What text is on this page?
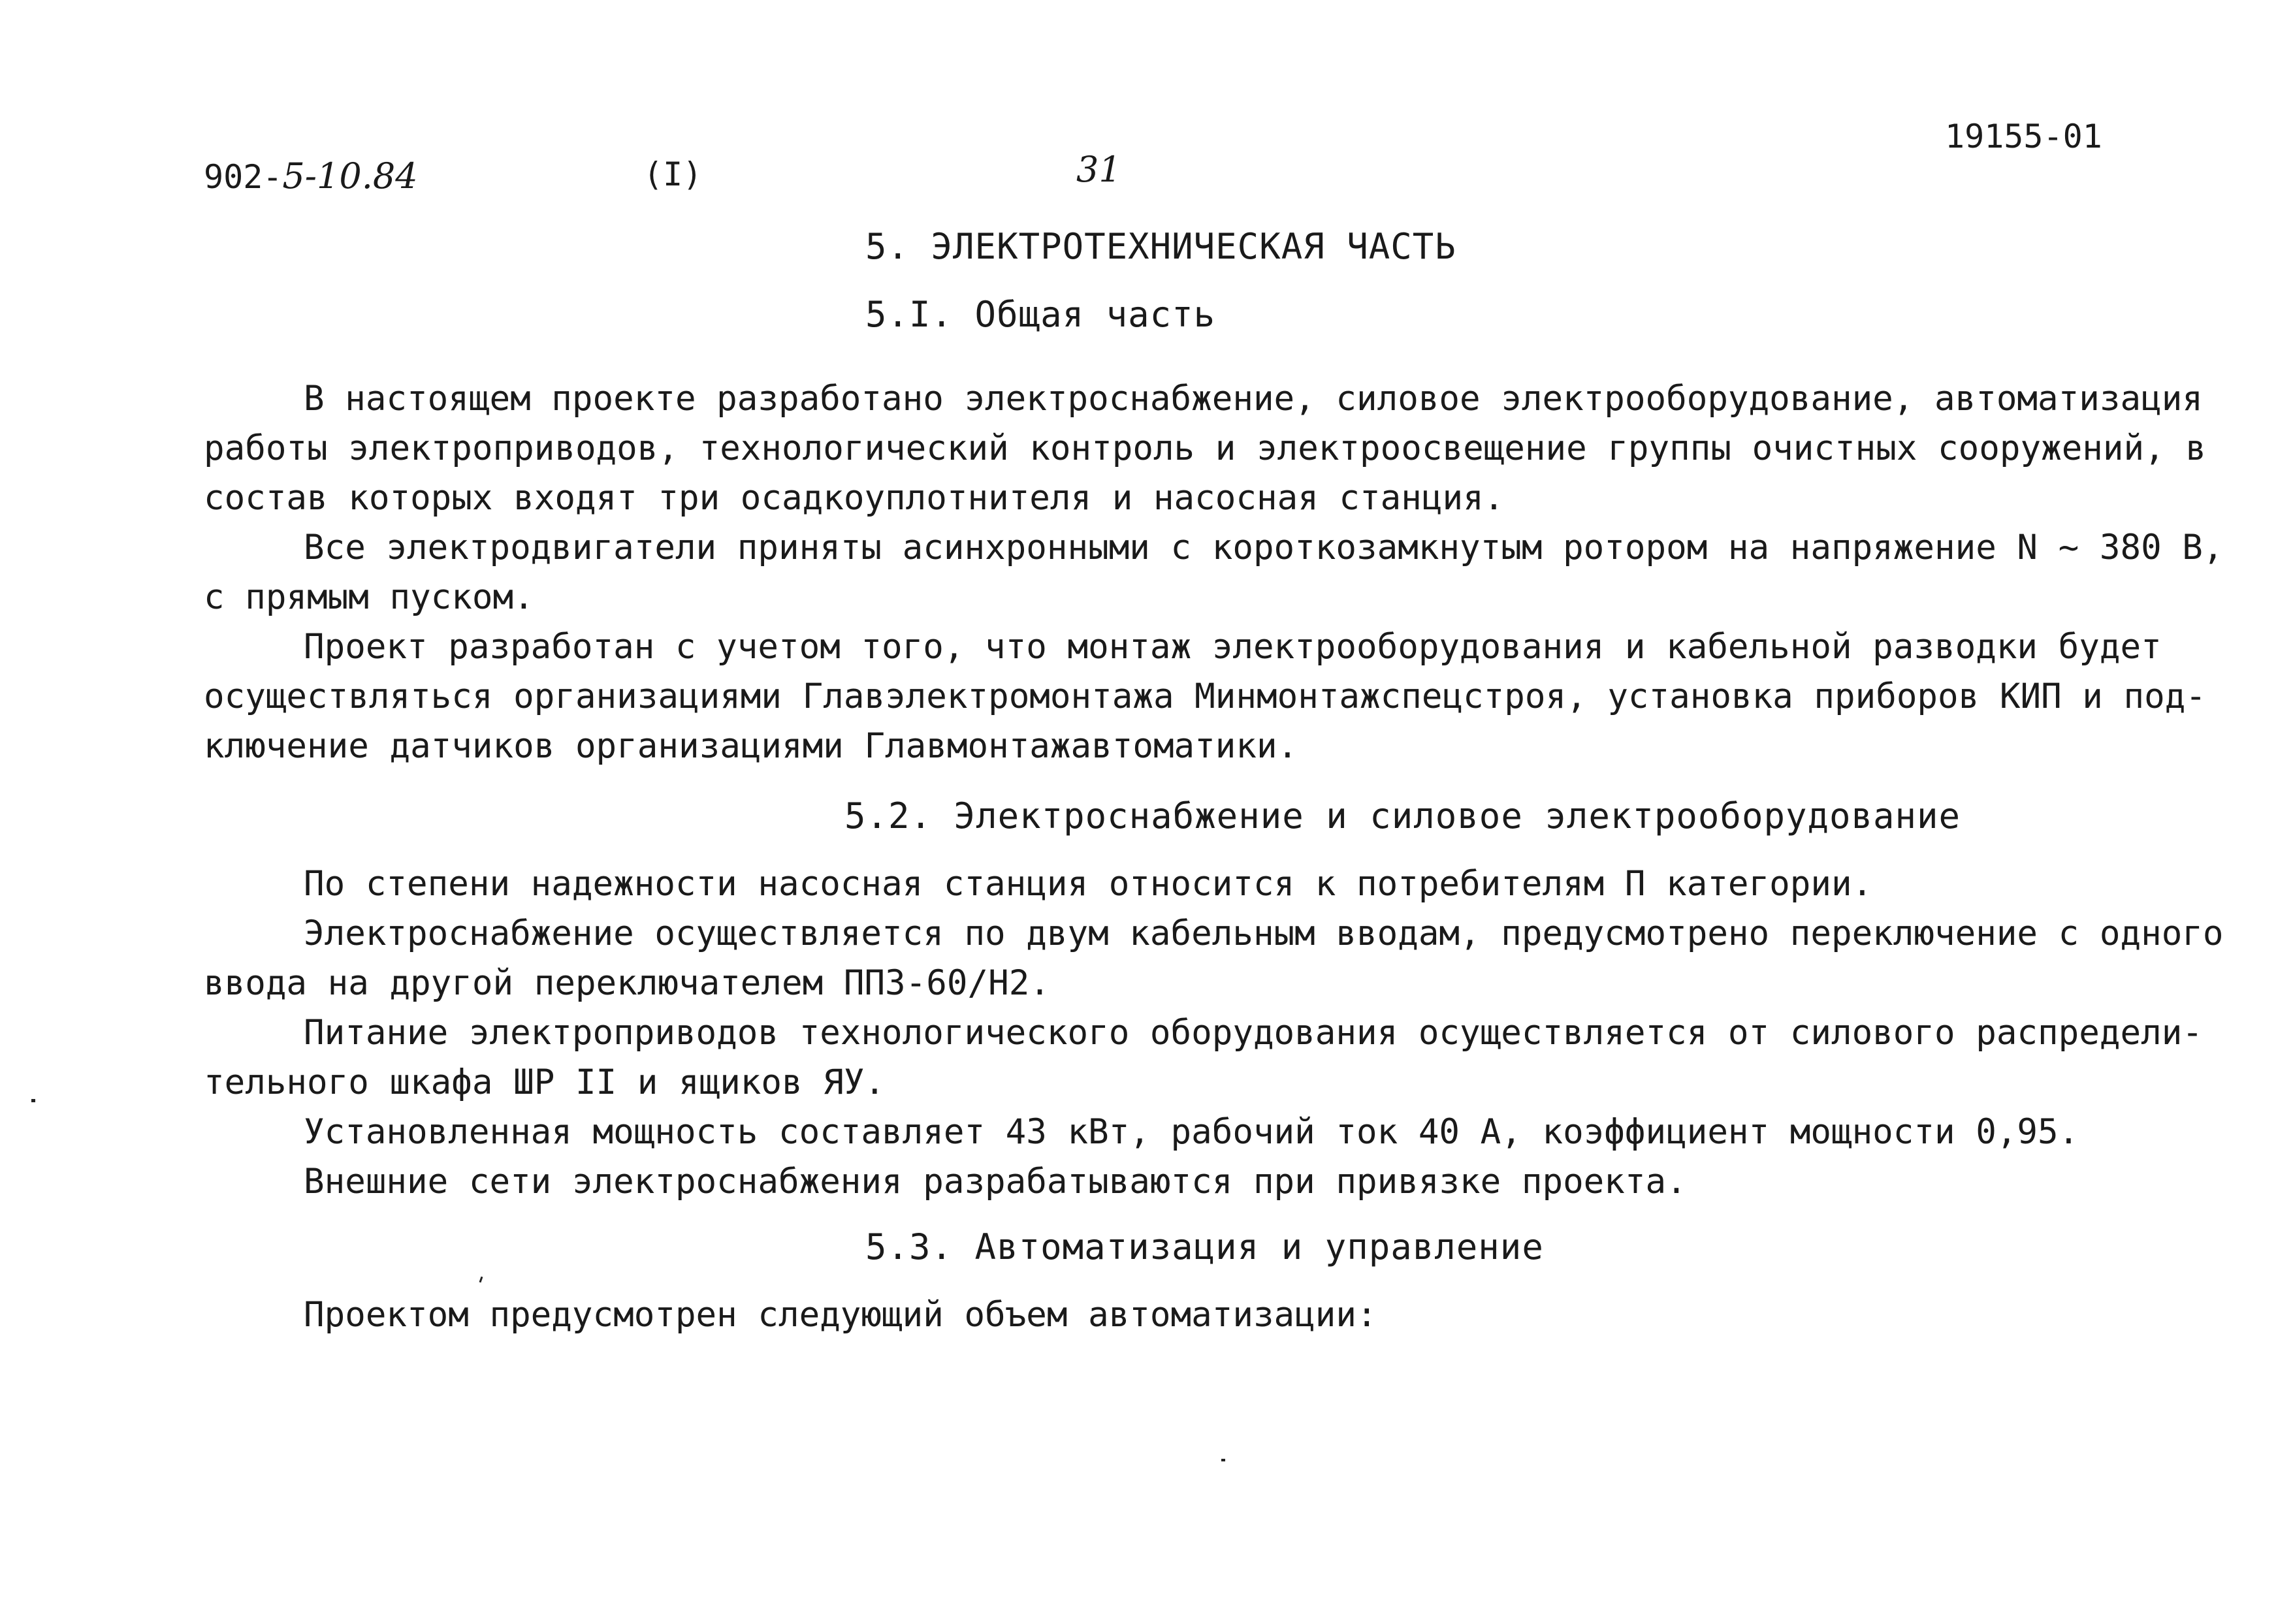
902-5-10.84	(I)	31
19155-01
5. ЭЛЕКТРОТЕХНИЧЕСКАЯ ЧАСТЬ
5.I. Общая часть
В настоящем проекте разработано электроснабжение, силовое электрооборудование, автоматизация
работы электроприводов, технологический контроль и электроосвещение группы очистных сооружений, в
состав которых входят три осадкоуплотнителя и насосная станция.
Все электродвигатели приняты асинхронными с короткозамкнутым ротором на напряжение N ~ 380 В,
с прямым пуском.
Проект разработан с учетом того, что монтаж электрооборудования и кабельной разводки будет
осуществляться организациями Главэлектромонтажа Минмонтажспецстроя, установка приборов КИП и под-
ключение датчиков организациями Главмонтажавтоматики.
5.2. Электроснабжение и силовое электрооборудование
По степени надежности насосная станция относится к потребителям П категории.
Электроснабжение осуществляется по двум кабельным вводам, предусмотрено переключение с одного
ввода на другой переключателем ППЗ-60/Н2.
Питание электроприводов технологического оборудования осуществляется от силового распредели-
тельного шкафа ШР II и ящиков ЯУ.
Установленная мощность составляет 43 кВт, рабочий ток 40 А, коэффициент мощности 0,95.
Внешние сети электроснабжения разрабатываются при привязке проекта.
5.3. Автоматизация и управление
Проектом предусмотрен следующий объем автоматизации:
